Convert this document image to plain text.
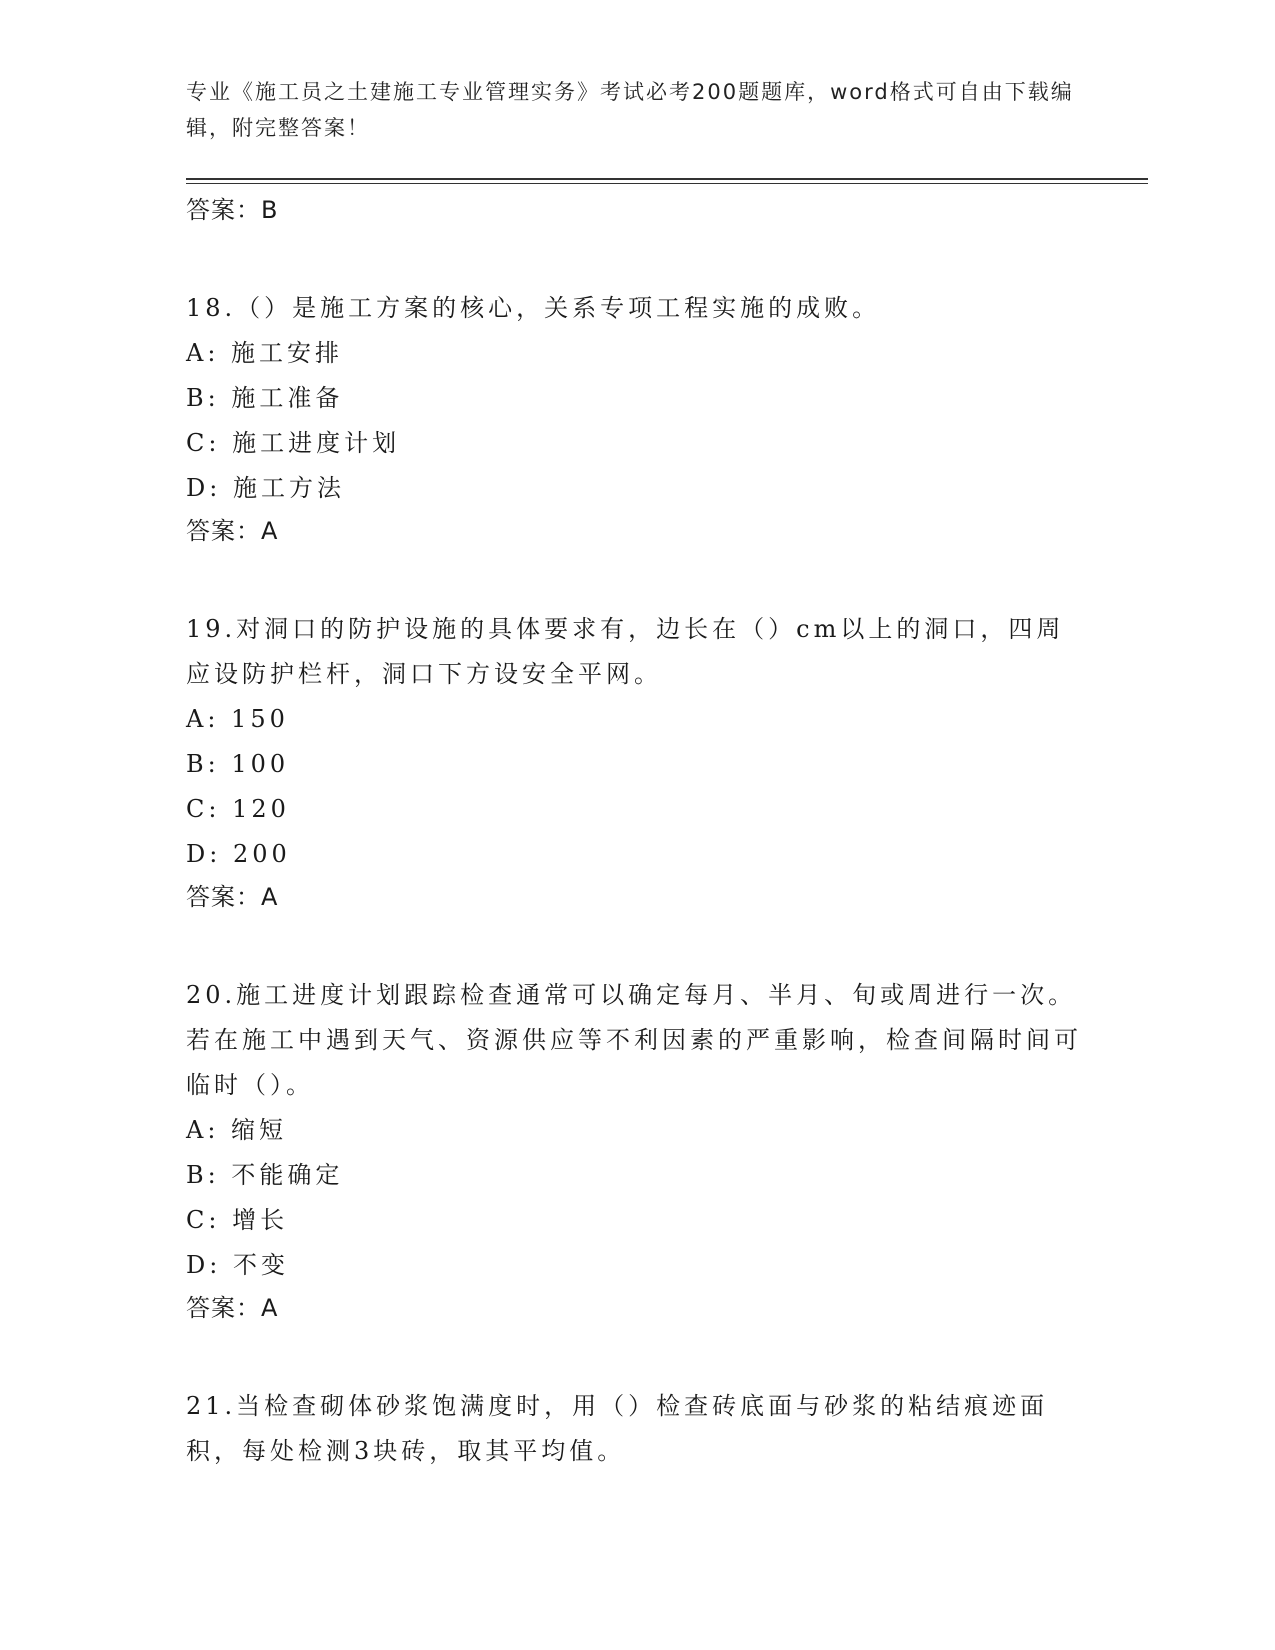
专业《施工员之土建施工专业管理实务》考试必考200题题库，word格式可自由下载编辑，附完整答案！
答案：B
18.（）是施工方案的核心，关系专项工程实施的成败。
A: 施工安排
B: 施工准备
C: 施工进度计划
D: 施工方法
答案：A
19.对洞口的防护设施的具体要求有，边长在（）cm以上的洞口，四周应设防护栏杆，洞口下方设安全平网。
A: 150
B: 100
C: 120
D: 200
答案：A
20.施工进度计划跟踪检查通常可以确定每月、半月、旬或周进行一次。若在施工中遇到天气、资源供应等不利因素的严重影响，检查间隔时间可临时（）。
A: 缩短
B: 不能确定
C: 增长
D: 不变
答案：A
21.当检查砌体砂浆饱满度时，用（）检查砖底面与砂浆的粘结痕迹面积，每处检测3块砖，取其平均值。
